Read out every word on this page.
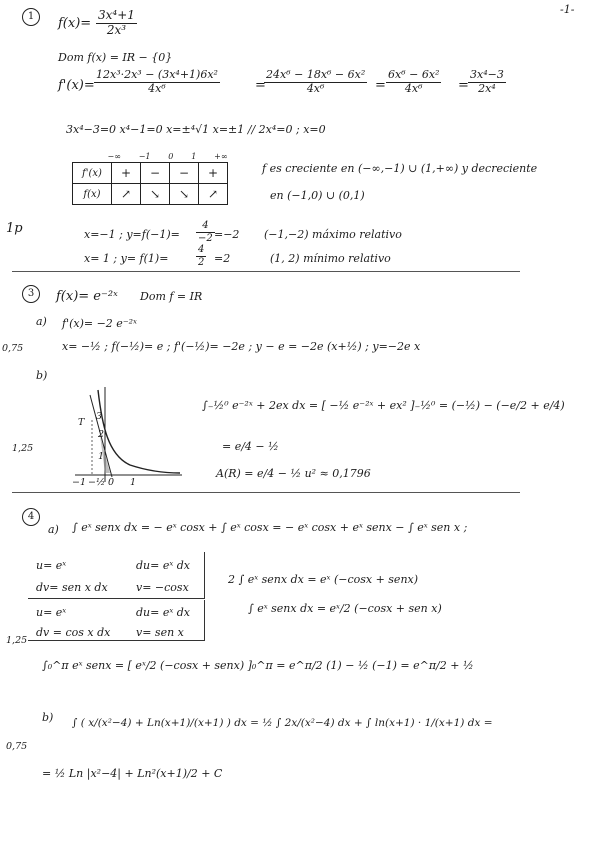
-1-
1	$f(x)= \frac{\text{3x⁴+1}}{\text{2x³}}$
Dom f(x) = IR − {0}
$f'(x)= \frac{\text{12x³·2x³ − (3x⁴+1)6x²}}{\text{4x⁶}}$	=
$\frac{\text{24x⁶ − 18x⁶ − 6x²}}{\text{4x⁶}} = \frac{\text{6x⁶ − 6x²}}{\text{4x⁶}} = \frac{\text{3x⁴−3}}{\text{2x⁴}}$
3x⁴−3=0 x⁴−1=0 x=±⁴√1 x=±1 // 2x⁴=0 ; x=0

	−∞ −1 0 1 +∞			

f'(x)	+	−	−	+
f(x)	↗	↘	↘	↗
f es creciente en (−∞,−1) ∪ (1,+∞) y decreciente
en (−1,0) ∪ (0,1)
1p	x=−1 ; $y=f(-1)= \frac{4}{-2} =-2$ (−1,−2) máximo relativo
x= 1 ; y= f(1)=	$\frac{4}{2} =2$	(1, 2) mínimo relativo
3	f(x)= e⁻²ˣ Dom f = IR
a) f'(x)= −2 e⁻²ˣ
0,75	x= −½ ; f(−½)= e ; f'(−½)= −2e ; y − e = −2e (x+½) ; y=−2e x
b)
1,25
T
3
2
1
−1 −½ 0 1
∫₋½⁰ e⁻²ˣ + 2ex dx = [ −½ e⁻²ˣ + ex² ]₋½⁰ = (−½) − (−e/2 + e/4)
= e/4 − ½
A(R) = e/4 − ½ u² ≈ 0,1796
4
a) ∫ eˣ senx dx = − eˣ cosx + ∫ eˣ cosx = − eˣ cosx + eˣ senx − ∫ eˣ sen x ;
u= eˣ	du= eˣ dx
dv= sen x dx	v= −cosx
u= eˣ	du= eˣ dx
dv = cos x dx v= sen x
2 ∫ eˣ senx dx = eˣ (−cosx + senx)
∫ eˣ senx dx = eˣ/2 (−cosx + sen x)
1,25
∫₀^π eˣ senx = [ eˣ/2 (−cosx + senx) ]₀^π = e^π/2 (1) − ½ (−1) = e^π/2 + ½
b) ∫ ( x/(x²−4) + Ln(x+1)/(x+1) ) dx = ½ ∫ 2x/(x²−4) dx + ∫ ln(x+1) · 1/(x+1) dx =
0,75
= ½ Ln |x²−4| + Ln²(x+1)/2 + C
